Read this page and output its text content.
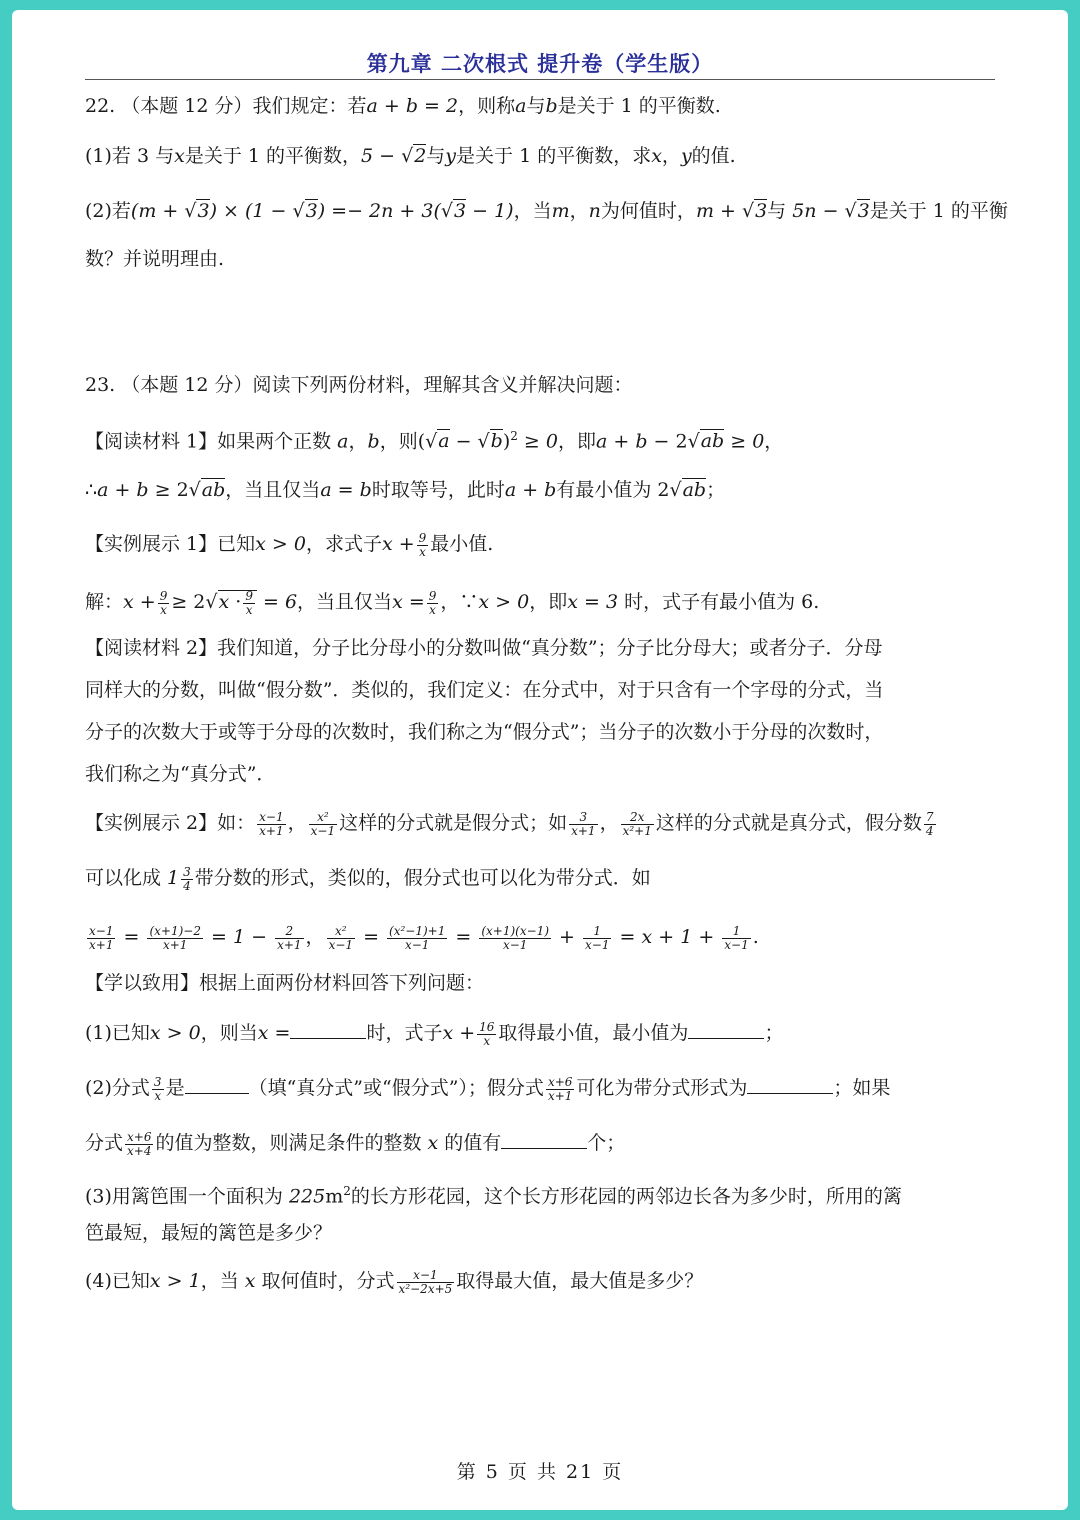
第九章 二次根式 提升卷（学生版）
22. （本题 12 分）我们规定：若a + b = 2，则称a与b是关于 1 的平衡数.
(1)若 3 与x是关于 1 的平衡数，5 − √2与y是关于 1 的平衡数，求x，y的值.
(2)若(m + √3) × (1 − √3) =− 2n + 3(√3 − 1)，当m，n为何值时，m + √3与 5n − √3是关于 1 的平衡
数？并说明理由.
23. （本题 12 分）阅读下列两份材料，理解其含义并解决问题：
【阅读材料 1】如果两个正数 a，b，则$(√a - √b)^2 \ge 0$，即a + b − 2√ab ≥ 0，
∴a + b ≥ 2√ab，当且仅当a = b时取等号，此时a + b有最小值为 2√ab；
【实例展示 1】已知x > 0，求式子$x + \frac{9}{x}$ 最小值.
解：$x + \frac{9}{x} \ge 2√x \cdot \frac{9}{x} = 6$，当且仅当$x = \frac{9}{x}$ ，∵x > 0，即x = 3 时，式子有最小值为 6.
【阅读材料 2】我们知道，分子比分母小的分数叫做“真分数”；分子比分母大；或者分子．分母
同样大的分数，叫做“假分数”．类似的，我们定义：在分式中，对于只含有一个字母的分式，当
分子的次数大于或等于分母的次数时，我们称之为“假分式”；当分子的次数小于分母的次数时，
我们称之为“真分式”．
【实例展示 2】如： $\frac{x-1}{x+1}$ ， $\frac{\text{x²}}{x-1}$ 这样的分式就是假分式；如 $\frac{3}{x+1}$ ， $\frac{2x}{\text{x²+1}}$ 这样的分式就是真分式，假分数 $\frac{7}{4}$
可以化成 $1 \frac{3}{4}$ 带分数的形式，类似的，假分式也可以化为带分式．如
$\frac{x-1}{x+1} = \frac{(x+1)-2}{x+1} = 1 - \frac{2}{x+1}$ ， $\frac{\text{x²}}{x-1} = \frac{\text{(x²−1)+1}}{x-1} = \frac{(x+1)(x-1)}{x-1} + \frac{1}{x-1} = x + 1 + \frac{1}{x-1}$ .
【学以致用】根据上面两份材料回答下列问题：
(1)已知x > 0，则当x =	时，式子$x + \frac{16}{x}$ 取得最小值，最小值为	；
(2)分式 $\frac{3}{x}$ 是	（填“真分式”或“假分式”）；假分式 $\frac{x+6}{x+1}$ 可化为带分式形式为	；如果
分式 $\frac{x+6}{x+4}$ 的值为整数，则满足条件的整数 x 的值有	个；
(3)用篱笆围一个面积为 $225m^2$的长方形花园，这个长方形花园的两邻边长各为多少时，所用的篱
笆最短，最短的篱笆是多少？
(4)已知x > 1，当 x 取何值时，分式 $\frac{x-1}{\text{x²−2x+5}}$ 取得最大值，最大值是多少？
第 5 页 共 21 页
